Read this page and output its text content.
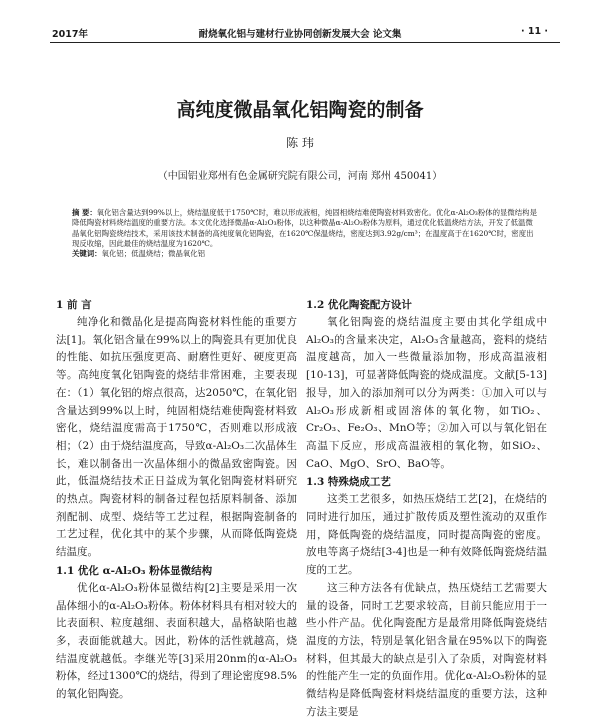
2017年	耐烧氧化铝与建材行业协同创新发展大会 论文集	· 11 ·
高纯度微晶氧化铝陶瓷的制备
陈 玮
（中国铝业郑州有色金属研究院有限公司，河南 郑州 450041）

摘 要：氧化铝含量达到99%以上，烧结温度低于1750℃时，难以形成液相，纯固相烧结难使陶瓷材料致密化。优化α-Al₂O₃粉体的显微结构是降低陶瓷材料烧结温度的重要方法。本文优化选择微晶α-Al₂O₃粉体，以这种微晶α-Al₂O₃粉体为原料，通过优化低温烧结方法，开发了低温微晶氧化铝陶瓷烧结技术，采用该技术制备的高纯度氧化铝陶瓷，在1620℃保温烧结，密度达到3.92g/cm³；在温度高于在1620℃时，密度出现反收缩，因此最佳的烧结温度为1620℃。

关键词：氧化铝；低温烧结；微晶氧化铝

1 前 言

纯净化和微晶化是提高陶瓷材料性能的重要方法[1]。氧化铝含量在99%以上的陶瓷具有更加优良的性能、如抗压强度更高、耐磨性更好、硬度更高等。高纯度氧化铝陶瓷的烧结非常困难，主要表现在：（1）氧化铝的熔点很高，达2050℃，在氧化铝含量达到99%以上时，纯固相烧结难使陶瓷材料致密化，烧结温度需高于1750℃，否则难以形成液相；（2）由于烧结温度高，导致α-Al₂O₃二次晶体生长，难以制备出一次晶体细小的微晶致密陶瓷。因此，低温烧结技术正日益成为氧化铝陶瓷材料研究的热点。陶瓷材料的制备过程包括原料制备、添加剂配制、成型、烧结等工艺过程，根据陶瓷制备的工艺过程，优化其中的某个步骤，从而降低陶瓷烧结温度。

1.1 优化 α-Al₂O₃ 粉体显微结构

优化α-Al₂O₃粉体显微结构[2]主要是采用一次晶体细小的α-Al₂O₃粉体。粉体材料具有相对较大的比表面积、粒度越细、表面积越大，晶格缺陷也越多，表面能就越大。因此，粉体的活性就越高，烧结温度就越低。李继光等[3]采用20nm的α-Al₂O₃粉体，经过1300℃的烧结，得到了理论密度98.5%的氧化铝陶瓷。

1.2 优化陶瓷配方设计

氧化铝陶瓷的烧结温度主要由其化学组成中Al₂O₃的含量来决定，Al₂O₃含量越高，瓷料的烧结温度越高，加入一些微量添加物，形成高温液相[10-13]，可显著降低陶瓷的烧成温度。文献[5-13]报导，加入的添加剂可以分为两类：①加入可以与Al₂O₃形成新相或固溶体的氧化物，如TiO₂、Cr₂O₃、Fe₂O₃、MnO等；②加入可以与氧化铝在高温下反应，形成高温液相的氧化物，如SiO₂、CaO、MgO、SrO、BaO等。

1.3 特殊烧成工艺

这类工艺很多，如热压烧结工艺[2]，在烧结的同时进行加压，通过扩散传质及塑性流动的双重作用，降低陶瓷的烧结温度，同时提高陶瓷的密度。放电等离子烧结[3-4]也是一种有效降低陶瓷烧结温度的工艺。

这三种方法各有优缺点，热压烧结工艺需要大量的设备，同时工艺要求较高，目前只能应用于一些小件产品。优化陶瓷配方是最常用降低陶瓷烧结温度的方法，特别是氧化铝含量在95%以下的陶瓷材料，但其最大的缺点是引入了杂质，对陶瓷材料的性能产生一定的负面作用。优化α-Al₂O₃粉体的显微结构是降低陶瓷材料烧结温度的重要方法，这种方法主要是
